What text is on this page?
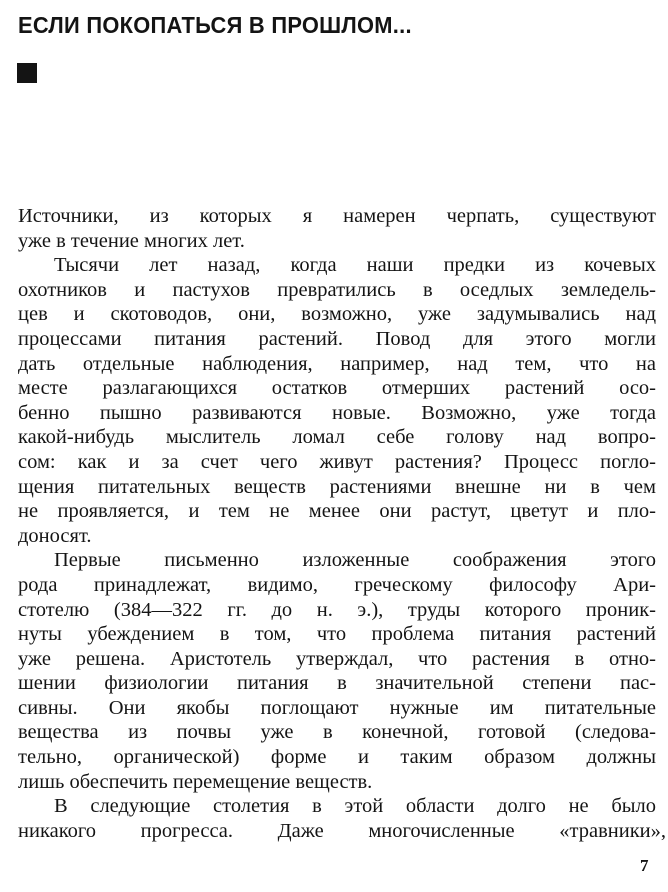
ЕСЛИ ПОКОПАТЬСЯ В ПРОШЛОМ...

Источники, из которых я намерен черпать, существуют
уже в течение многих лет.

Тысячи лет назад, когда наши предки из кочевых
охотников и пастухов превратились в оседлых земледель-
цев и скотоводов, они, возможно, уже задумывались над
процессами питания растений. Повод для этого могли
дать отдельные наблюдения, например, над тем, что на
месте разлагающихся остатков отмерших растений осо-
бенно пышно развиваются новые. Возможно, уже тогда
какой-нибудь мыслитель ломал себе голову над вопро-
сом: как и за счет чего живут растения? Процесс погло-
щения питательных веществ растениями внешне ни в чем
не проявляется, и тем не менее они растут, цветут и пло-
доносят.

Первые письменно изложенные соображения этого
рода принадлежат, видимо, греческому философу Ари-
стотелю (384—322 гг. до н. э.), труды которого проник-
нуты убеждением в том, что проблема питания растений
уже решена. Аристотель утверждал, что растения в отно-
шении физиологии питания в значительной степени пас-
сивны. Они якобы поглощают нужные им питательные
вещества из почвы уже в конечной, готовой (следова-
тельно, органической) форме и таким образом должны
лишь обеспечить перемещение веществ.

В следующие столетия в этой области долго не было
никакого прогресса. Даже многочисленные «травники»,

7
